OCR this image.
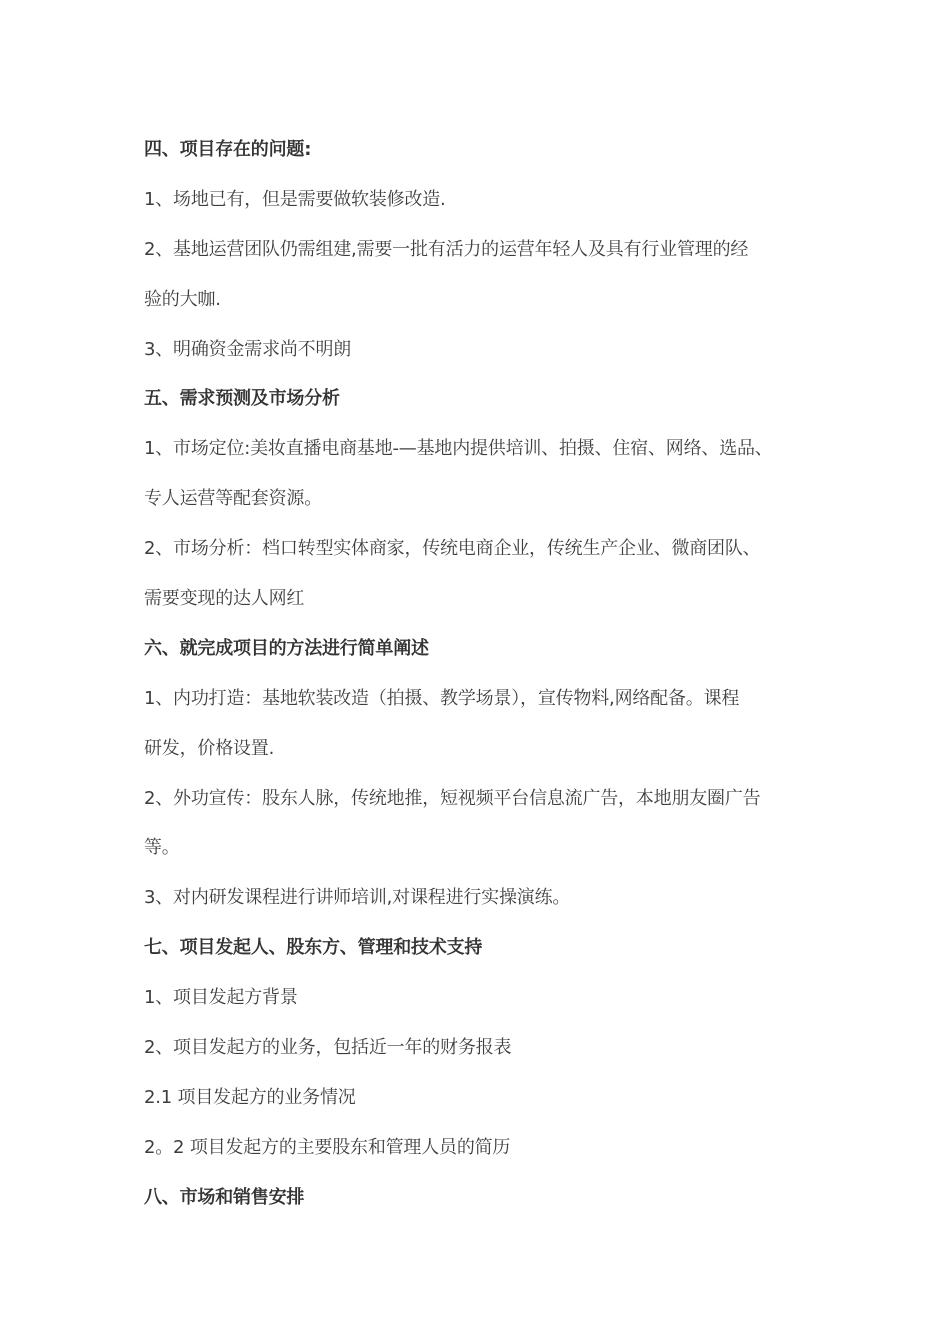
四、项目存在的问题:
1、场地已有，但是需要做软装修改造.
2、基地运营团队仍需组建,需要一批有活力的运营年轻人及具有行业管理的经
验的大咖.
3、明确资金需求尚不明朗
五、需求预测及市场分析
1、市场定位:美妆直播电商基地-—基地内提供培训、拍摄、住宿、网络、选品、
专人运营等配套资源。
2、市场分析：档口转型实体商家，传统电商企业，传统生产企业、微商团队、
需要变现的达人网红
六、就完成项目的方法进行简单阐述
1、内功打造：基地软装改造（拍摄、教学场景），宣传物料,网络配备。课程
研发，价格设置.
2、外功宣传：股东人脉，传统地推，短视频平台信息流广告，本地朋友圈广告
等。
3、对内研发课程进行讲师培训,对课程进行实操演练。
七、项目发起人、股东方、管理和技术支持
1、项目发起方背景
2、项目发起方的业务，包括近一年的财务报表
2.1 项目发起方的业务情况
2。2 项目发起方的主要股东和管理人员的简历
八、市场和销售安排
